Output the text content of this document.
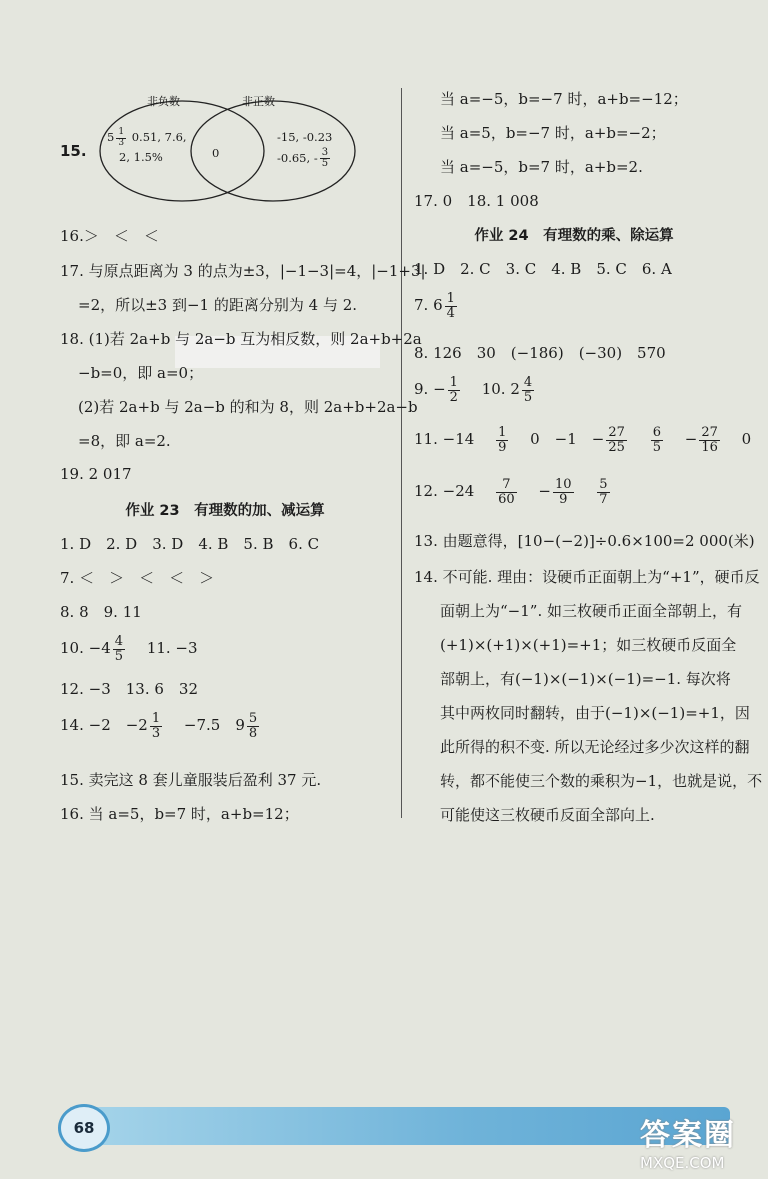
15.
非负数	非正数
$5 \frac{1}{3} 0.51$, 7.6,
2, 1.5%	0
-15, -0.23
-0.65, - $\frac{3}{5}$
16.＞　＜　＜
17. 与原点距离为 3 的点为±3，|−1−3|=4，|−1+3|
=2，所以±3 到−1 的距离分别为 4 与 2.
18. (1)若 2a+b 与 2a−b 互为相反数，则 2a+b+2a
−b=0，即 a=0；
(2)若 2a+b 与 2a−b 的和为 8，则 2a+b+2a−b
=8，即 a=2.
19. 2 017
作业 23　有理数的加、减运算
1. D　2. D　3. D　4. B　5. B　6. C
7. ＜　＞　＜　＜　＞
8. 8　9. 11
10. $-4 \frac{4}{5}$
　 11. −3
12. −3　13. 6　32
14. −2　$-2 \frac{1}{3}$
　 −7.5　$9 \frac{5}{8}$
15. 卖完这 8 套儿童服装后盈利 37 元.
16. 当 a=5，b=7 时，a+b=12；
当 a=−5，b=−7 时，a+b=−12；
当 a=5，b=−7 时，a+b=−2；
当 a=−5，b=7 时，a+b=2.
17. 0　18. 1 008
作业 24　有理数的乘、除运算
1. D　2. C　3. C　4. B　5. C　6. A
7. $6 \frac{1}{4}$
8. 126　30　(−186)　(−30)　570
9. − $\frac{1}{2}$
　 10. $2 \frac{4}{5}$
11. −14　 $\frac{1}{9}$
　 0　−1　− $\frac{27}{25}$
　 $\frac{6}{5}$
　 − $\frac{27}{16}$
　 0
12. −24　 $\frac{7}{60}$
　 − $\frac{10}{9}$
　 $\frac{5}{7}$
13. 由题意得，[10−(−2)]÷0.6×100=2 000(米)
14. 不可能. 理由：设硬币正面朝上为“+1”，硬币反
面朝上为“−1”. 如三枚硬币正面全部朝上，有
(+1)×(+1)×(+1)=+1；如三枚硬币反面全
部朝上，有(−1)×(−1)×(−1)=−1. 每次将
其中两枚同时翻转，由于(−1)×(−1)=+1，因
此所得的积不变. 所以无论经过多少次这样的翻
转，都不能使三个数的乘积为−1，也就是说，不
可能使这三枚硬币反面全部向上.
68	答案圈
MXQE.COM
